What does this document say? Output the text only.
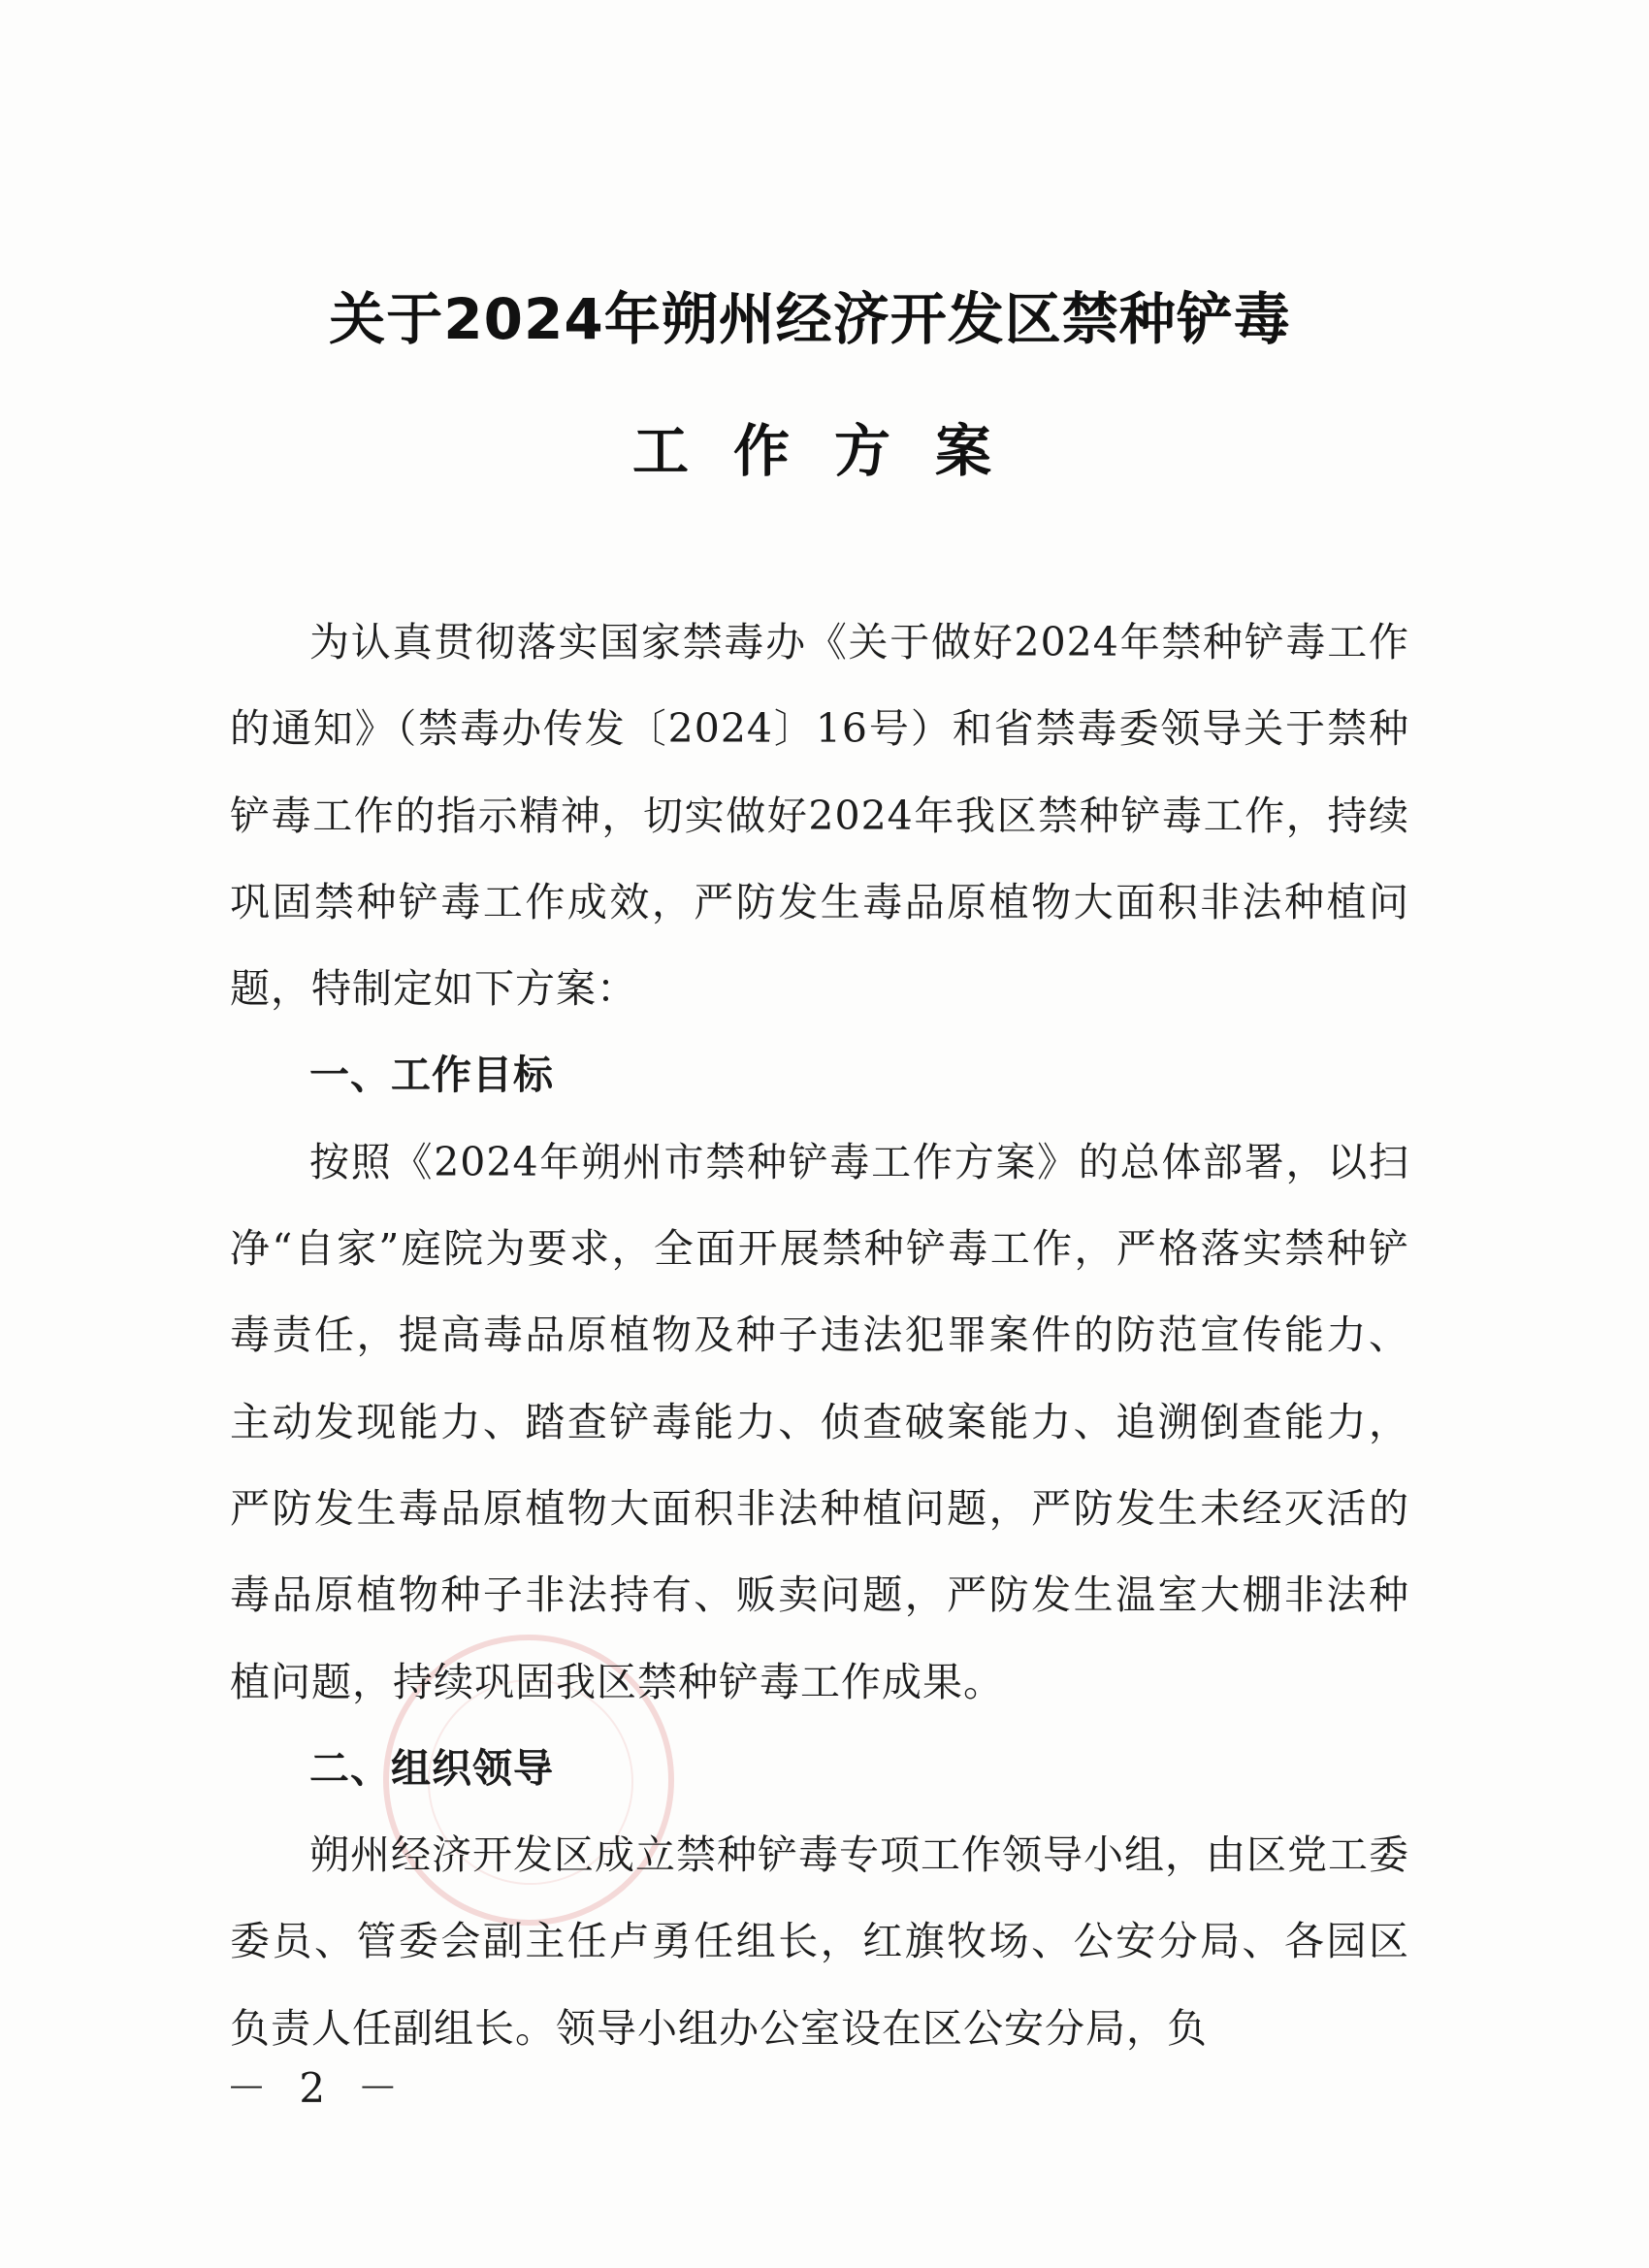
关于2024年朔州经济开发区禁种铲毒
工作方案

为认真贯彻落实国家禁毒办《关于做好2024年禁种铲毒工作的通知》（禁毒办传发〔2024〕16号）和省禁毒委领导关于禁种铲毒工作的指示精神，切实做好2024年我区禁种铲毒工作，持续巩固禁种铲毒工作成效，严防发生毒品原植物大面积非法种植问题，特制定如下方案：

一、工作目标

按照《2024年朔州市禁种铲毒工作方案》的总体部署，以扫净“自家”庭院为要求，全面开展禁种铲毒工作，严格落实禁种铲毒责任，提高毒品原植物及种子违法犯罪案件的防范宣传能力、主动发现能力、踏查铲毒能力、侦查破案能力、追溯倒查能力，严防发生毒品原植物大面积非法种植问题，严防发生未经灭活的毒品原植物种子非法持有、贩卖问题，严防发生温室大棚非法种植问题，持续巩固我区禁种铲毒工作成果。

二、组织领导

朔州经济开发区成立禁种铲毒专项工作领导小组，由区党工委委员、管委会副主任卢勇任组长，红旗牧场、公安分局、各园区负责人任副组长。领导小组办公室设在区公安分局，负

－ 2 －
